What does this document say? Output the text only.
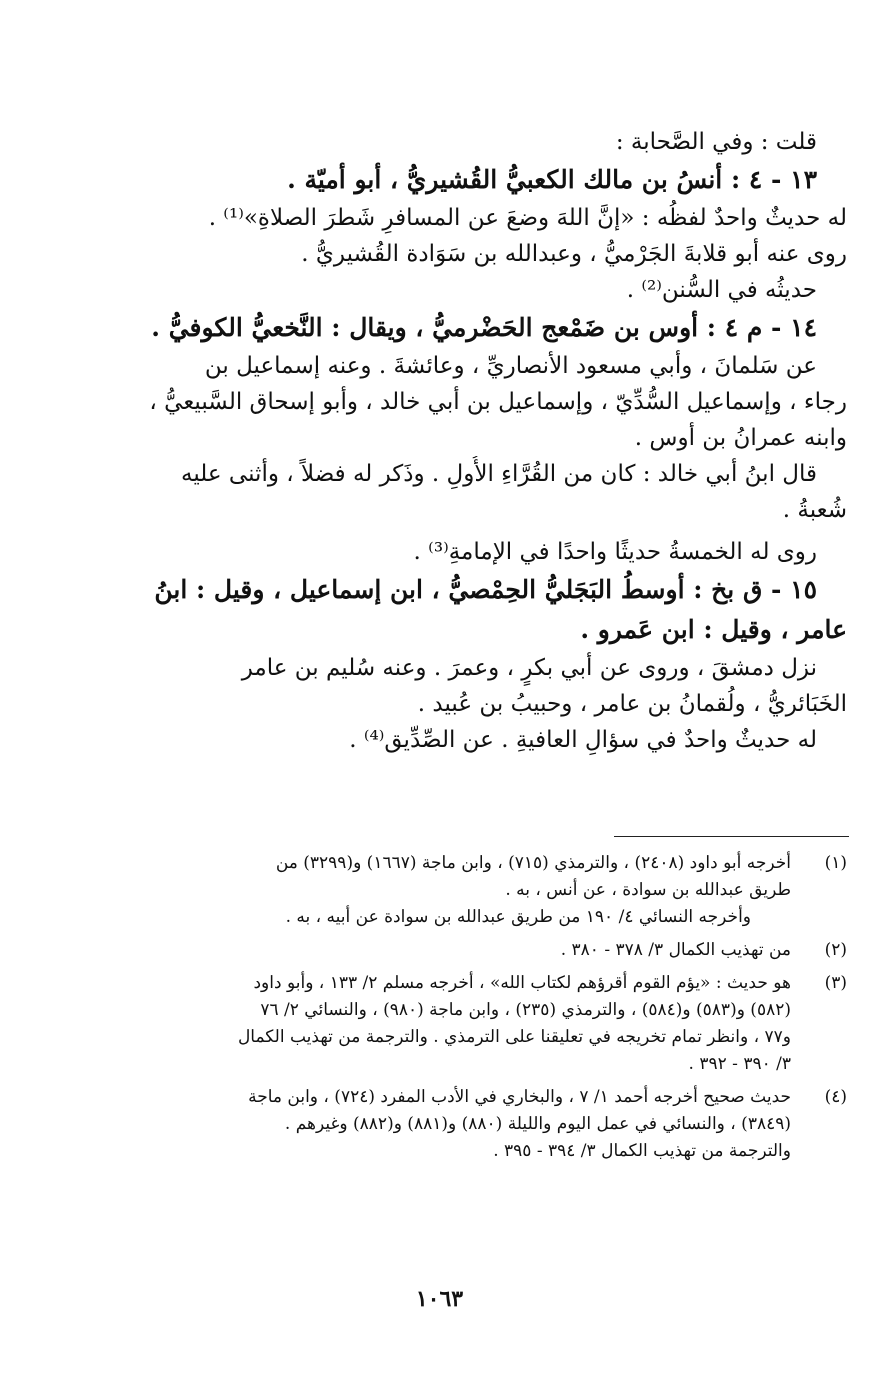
قلت : وفي الصَّحابة :
١٣ - ٤ : أنسُ بن مالك الكعبيُّ القُشيريُّ ، أبو أميّة .
له حديثٌ واحدٌ لفظُه : «إنَّ اللهَ وضعَ عن المسافرِ شَطرَ الصلاةِ»⁽¹⁾ .
روى عنه أبو قلابةَ الجَرْميُّ ، وعبدالله بن سَوَادة القُشيريُّ .
حديثُه في السُّنن⁽²⁾ .
١٤ - م ٤ : أوس بن ضَمْعج الحَضْرميُّ ، ويقال : النَّخعيُّ الكوفيُّ .
عن سَلمانَ ، وأبي مسعود الأنصاريِّ ، وعائشةَ . وعنه إسماعيل بن
رجاء ، وإسماعيل السُّدِّيّ ، وإسماعيل بن أبي خالد ، وأبو إسحاق السَّبيعيُّ ،
وابنه عمرانُ بن أوس .
قال ابنُ أبي خالد : كان من القُرَّاءِ الأُولِ . وذَكر له فضلاً ، وأثنى عليه
شُعبةُ .
روى له الخمسةُ حديثًا واحدًا في الإمامةِ⁽³⁾ .
١٥ - ق بخ : أوسطُ البَجَليُّ الحِمْصيُّ ، ابن إسماعيل ، وقيل : ابنُ
عامر ، وقيل : ابن عَمرو .
نزل دمشقَ ، وروى عن أبي بكرٍ ، وعمرَ . وعنه سُليم بن عامر
الخَبَائريُّ ، ولُقمانُ بن عامر ، وحبيبُ بن عُبيد .
له حديثٌ واحدٌ في سؤالِ العافيةِ . عن الصِّدِّيق⁽⁴⁾ .
(١)
أخرجه أبو داود (٢٤٠٨) ، والترمذي (٧١٥) ، وابن ماجة (١٦٦٧) و(٣٢٩٩) من
طريق عبدالله بن سوادة ، عن أنس ، به .
وأخرجه النسائي ٤/ ١٩٠ من طريق عبدالله بن سوادة عن أبيه ، به .
(٢)
من تهذيب الكمال ٣/ ٣٧٨ - ٣٨٠ .
(٣)
هو حديث : «يؤم القوم أقرؤهم لكتاب الله» ، أخرجه مسلم ٢/ ١٣٣ ، وأبو داود
(٥٨٢) و(٥٨٣) و(٥٨٤) ، والترمذي (٢٣٥) ، وابن ماجة (٩٨٠) ، والنسائي ٢/ ٧٦
و٧٧ ، وانظر تمام تخريجه في تعليقنا على الترمذي . والترجمة من تهذيب الكمال
٣/ ٣٩٠ - ٣٩٢ .
(٤)
حديث صحيح أخرجه أحمد ١/ ٧ ، والبخاري في الأدب المفرد (٧٢٤) ، وابن ماجة
(٣٨٤٩) ، والنسائي في عمل اليوم والليلة (٨٨٠) و(٨٨١) و(٨٨٢) وغيرهم .
والترجمة من تهذيب الكمال ٣/ ٣٩٤ - ٣٩٥ .
١٠٦٣
